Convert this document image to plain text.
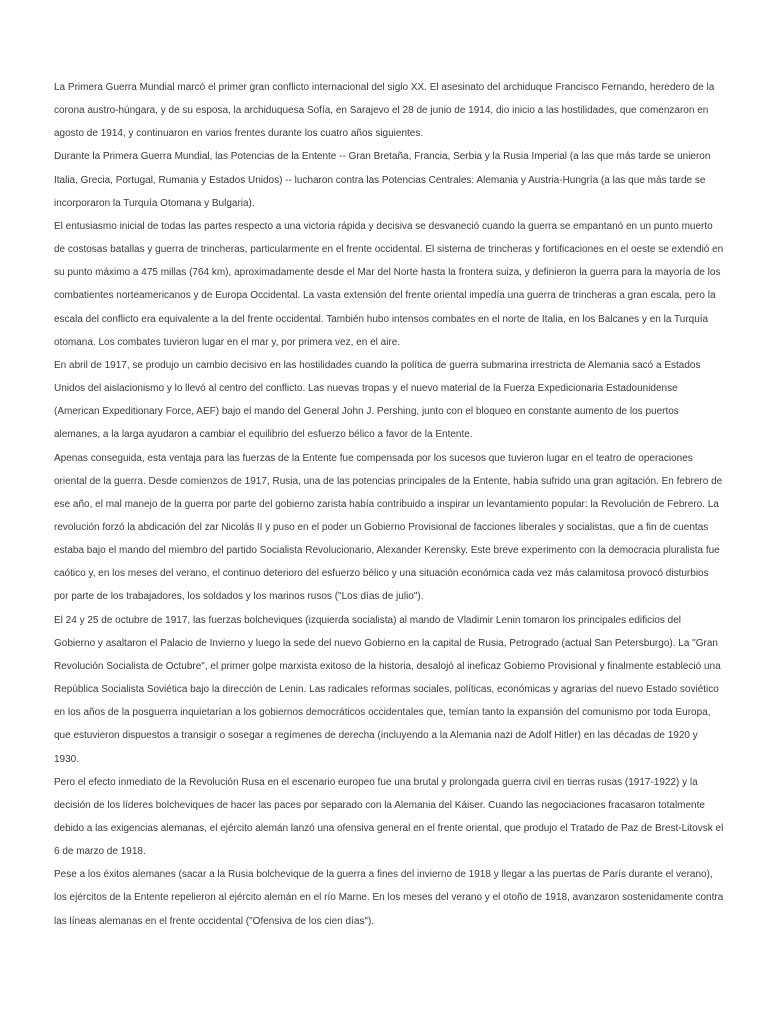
La Primera Guerra Mundial marcó el primer gran conflicto internacional del siglo XX. El asesinato del archiduque Francisco Fernando, heredero de la corona austro-húngara, y de su esposa, la archiduquesa Sofía, en Sarajevo el 28 de junio de 1914, dio inicio a las hostilidades, que comenzaron en agosto de 1914, y continuaron en varios frentes durante los cuatro años siguientes.

Durante la Primera Guerra Mundial, las Potencias de la Entente -- Gran Bretaña, Francia, Serbia y la Rusia Imperial (a las que más tarde se unieron Italia, Grecia, Portugal, Rumania y Estados Unidos) -- lucharon contra las Potencias Centrales: Alemania y Austria-Hungría (a las que más tarde se incorporaron la Turquía Otomana y Bulgaria).

El entusiasmo inicial de todas las partes respecto a una victoria rápida y decisiva se desvaneció cuando la guerra se empantanó en un punto muerto de costosas batallas y guerra de trincheras, particularmente en el frente occidental. El sistema de trincheras y fortificaciones en el oeste se extendió en su punto máximo a 475 millas (764 km), aproximadamente desde el Mar del Norte hasta la frontera suiza, y definieron la guerra para la mayoría de los combatientes norteamericanos y de Europa Occidental. La vasta extensión del frente oriental impedía una guerra de trincheras a gran escala, pero la escala del conflicto era equivalente a la del frente occidental. También hubo intensos combates en el norte de Italia, en los Balcanes y en la Turquía otomana. Los combates tuvieron lugar en el mar y, por primera vez, en el aire.

En abril de 1917, se produjo un cambio decisivo en las hostilidades cuando la política de guerra submarina irrestricta de Alemania sacó a Estados Unidos del aislacionismo y lo llevó al centro del conflicto. Las nuevas tropas y el nuevo material de la Fuerza Expedicionaria Estadounidense (American Expeditionary Force, AEF) bajo el mando del General John J. Pershing, junto con el bloqueo en constante aumento de los puertos alemanes, a la larga ayudaron a cambiar el equilibrio del esfuerzo bélico a favor de la Entente.

Apenas conseguida, esta ventaja para las fuerzas de la Entente fue compensada por los sucesos que tuvieron lugar en el teatro de operaciones oriental de la guerra. Desde comienzos de 1917, Rusia, una de las potencias principales de la Entente, había sufrido una gran agitación. En febrero de ese año, el mal manejo de la guerra por parte del gobierno zarista había contribuido a inspirar un levantamiento popular: la Revolución de Febrero. La revolución forzó la abdicación del zar Nicolás II y puso en el poder un Gobierno Provisional de facciones liberales y socialistas, que a fin de cuentas estaba bajo el mando del miembro del partido Socialista Revolucionario, Alexander Kerensky. Este breve experimento con la democracia pluralista fue caótico y, en los meses del verano, el continuo deterioro del esfuerzo bélico y una situación económica cada vez más calamitosa provocó disturbios por parte de los trabajadores, los soldados y los marinos rusos ("Los días de julio").

El 24 y 25 de octubre de 1917, las fuerzas bolcheviques (izquierda socialista) al mando de Vladimir Lenin tomaron los principales edificios del Gobierno y asaltaron el Palacio de Invierno y luego la sede del nuevo Gobierno en la capital de Rusia, Petrogrado (actual San Petersburgo). La "Gran Revolución Socialista de Octubre", el primer golpe marxista exitoso de la historia, desalojó al ineficaz Gobierno Provisional y finalmente estableció una República Socialista Soviética bajo la dirección de Lenin. Las radicales reformas sociales, políticas, económicas y agrarias del nuevo Estado soviético en los años de la posguerra inquietarían a los gobiernos democráticos occidentales que, temían tanto la expansión del comunismo por toda Europa, que estuvieron dispuestos a transigir o sosegar a regímenes de derecha (incluyendo a la Alemania nazi de Adolf Hitler) en las décadas de 1920 y 1930.

Pero el efecto inmediato de la Revolución Rusa en el escenario europeo fue una brutal y prolongada guerra civil en tierras rusas (1917-1922) y la decisión de los líderes bolcheviques de hacer las paces por separado con la Alemania del Káiser. Cuando las negociaciones fracasaron totalmente debido a las exigencias alemanas, el ejército alemán lanzó una ofensiva general en el frente oriental, que produjo el Tratado de Paz de Brest-Litovsk el 6 de marzo de 1918.

Pese a los éxitos alemanes (sacar a la Rusia bolchevique de la guerra a fines del invierno de 1918 y llegar a las puertas de París durante el verano), los ejércitos de la Entente repelieron al ejército alemán en el río Marne. En los meses del verano y el otoño de 1918, avanzaron sostenidamente contra las líneas alemanas en el frente occidental ("Ofensiva de los cien días").
